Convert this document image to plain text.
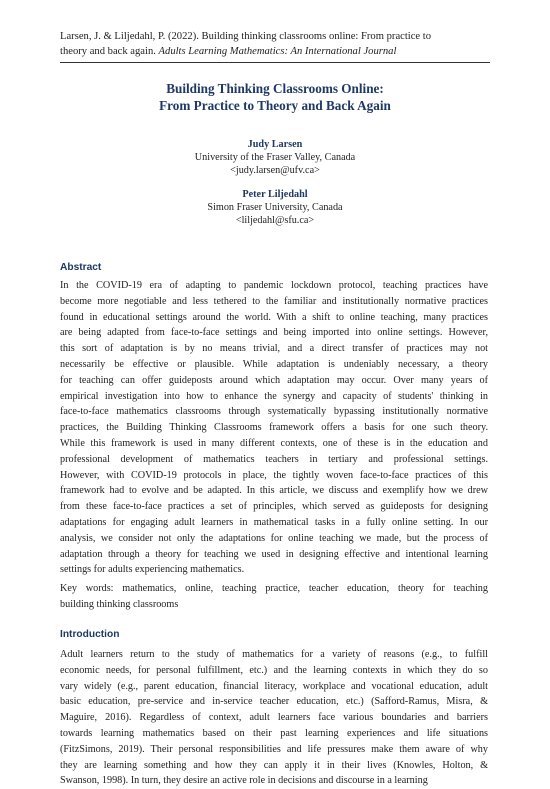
Larsen, J. & Liljedahl, P. (2022). Building thinking classrooms online: From practice to
theory and back again. Adults Learning Mathematics: An International Journal
Building Thinking Classrooms Online:
From Practice to Theory and Back Again
Judy Larsen
University of the Fraser Valley, Canada
<judy.larsen@ufv.ca>
Peter Liljedahl
Simon Fraser University, Canada
<liljedahl@sfu.ca>
Abstract
In the COVID-19 era of adapting to pandemic lockdown protocol, teaching practices have
become more negotiable and less tethered to the familiar and institutionally normative practices
found in educational settings around the world. With a shift to online teaching, many practices
are being adapted from face-to-face settings and being imported into online settings. However,
this sort of adaptation is by no means trivial, and a direct transfer of practices may not
necessarily be effective or plausible. While adaptation is undeniably necessary, a theory
for teaching can offer guideposts around which adaptation may occur. Over many years of
empirical investigation into how to enhance the synergy and capacity of students' thinking in
face-to-face mathematics classrooms through systematically bypassing institutionally normative
practices, the Building Thinking Classrooms framework offers a basis for one such theory.
While this framework is used in many different contexts, one of these is in the education and
professional development of mathematics teachers in tertiary and professional settings.
However, with COVID-19 protocols in place, the tightly woven face-to-face practices of this
framework had to evolve and be adapted. In this article, we discuss and exemplify how we drew
from these face-to-face practices a set of principles, which served as guideposts for designing
adaptations for engaging adult learners in mathematical tasks in a fully online setting. In our
analysis, we consider not only the adaptations for online teaching we made, but the process of
adaptation through a theory for teaching we used in designing effective and intentional learning
settings for adults experiencing mathematics.
Key words: mathematics, online, teaching practice, teacher education, theory for teaching
building thinking classrooms
Introduction
Adult learners return to the study of mathematics for a variety of reasons (e.g., to fulfill
economic needs, for personal fulfillment, etc.) and the learning contexts in which they do so
vary widely (e.g., parent education, financial literacy, workplace and vocational education, adult
basic education, pre-service and in-service teacher education, etc.) (Safford-Ramus, Misra, &
Maguire, 2016). Regardless of context, adult learners face various boundaries and barriers
towards learning mathematics based on their past learning experiences and life situations
(FitzSimons, 2019). Their personal responsibilities and life pressures make them aware of why
they are learning something and how they can apply it in their lives (Knowles, Holton, &
Swanson, 1998). In turn, they desire an active role in decisions and discourse in a learning
